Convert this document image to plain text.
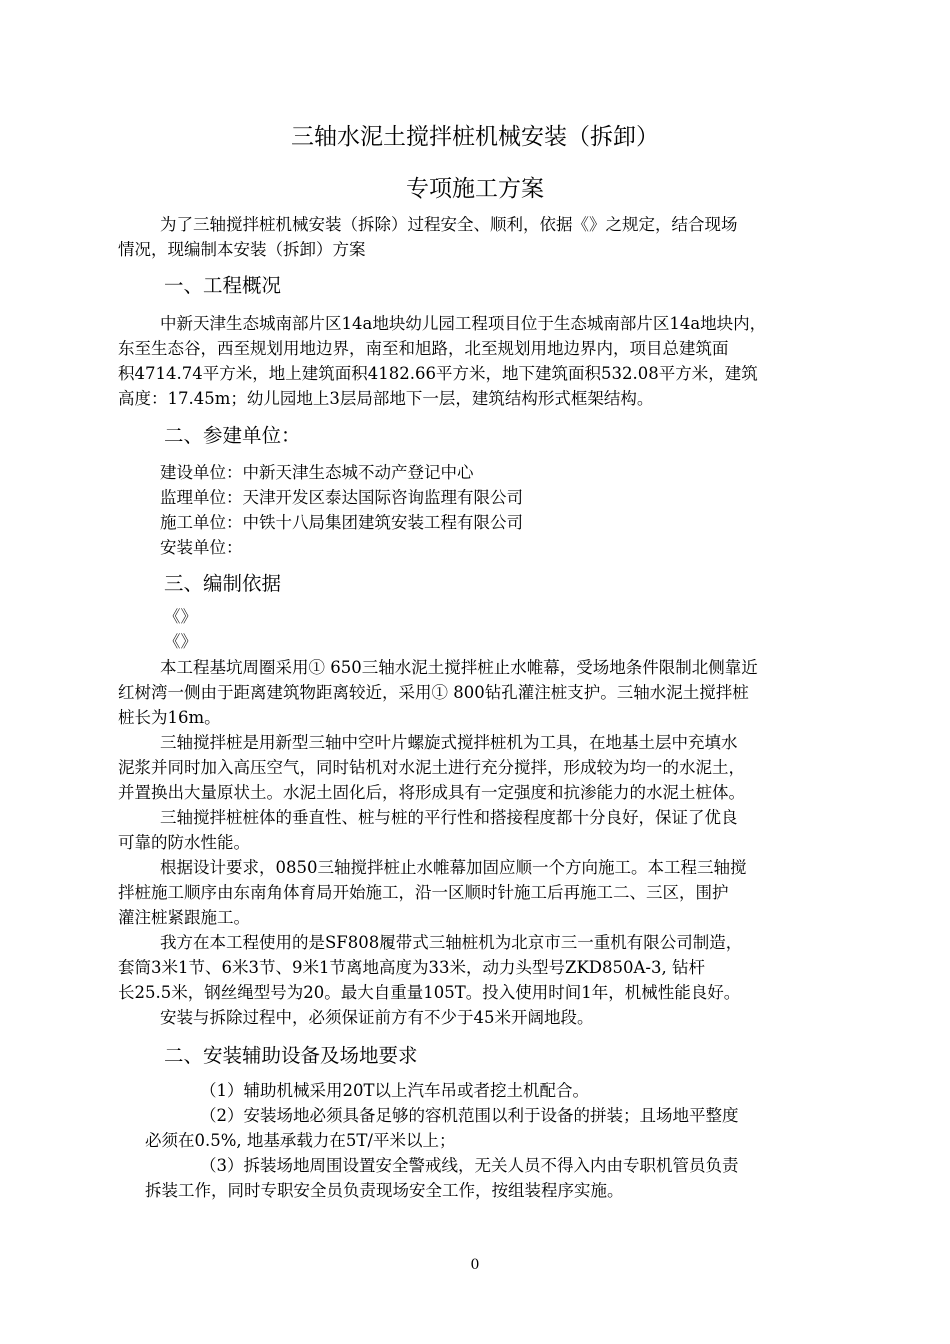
三轴水泥土搅拌桩机械安装（拆卸）
专项施工方案
为了三轴搅拌桩机械安装（拆除）过程安全、顺利，依据《》之规定，结合现场
情况，现编制本安装（拆卸）方案
一、工程概况
中新天津生态城南部片区14a地块幼儿园工程项目位于生态城南部片区14a地块内，
东至生态谷，西至规划用地边界，南至和旭路，北至规划用地边界内，项目总建筑面
积4714.74平方米，地上建筑面积4182.66平方米，地下建筑面积532.08平方米，建筑
高度：17.45m；幼儿园地上3层局部地下一层，建筑结构形式框架结构。
二、参建单位：
建设单位：中新天津生态城不动产登记中心
监理单位：天津开发区泰达国际咨询监理有限公司
施工单位：中铁十八局集团建筑安装工程有限公司
安装单位：
三、编制依据
《》
《》
本工程基坑周圈采用① 650三轴水泥土搅拌桩止水帷幕，受场地条件限制北侧靠近
红树湾一侧由于距离建筑物距离较近，采用① 800钻孔灌注桩支护。三轴水泥土搅拌桩
桩长为16m。
三轴搅拌桩是用新型三轴中空叶片螺旋式搅拌桩机为工具，在地基土层中充填水
泥浆并同时加入高压空气，同时钻机对水泥土进行充分搅拌，形成较为均一的水泥土，
并置换出大量原状土。水泥土固化后，将形成具有一定强度和抗渗能力的水泥土桩体。
三轴搅拌桩桩体的垂直性、桩与桩的平行性和搭接程度都十分良好，保证了优良
可靠的防水性能。
根据设计要求，0850三轴搅拌桩止水帷幕加固应顺一个方向施工。本工程三轴搅
拌桩施工顺序由东南角体育局开始施工，沿一区顺时针施工后再施工二、三区，围护
灌注桩紧跟施工。
我方在本工程使用的是SF808履带式三轴桩机为北京市三一重机有限公司制造，
套筒3米1节、6米3节、9米1节离地高度为33米，动力头型号ZKD850A-3, 钻杆
长25.5米，钢丝绳型号为20。最大自重量105T。投入使用时间1年，机械性能良好。
安装与拆除过程中，必须保证前方有不少于45米开阔地段。
二、安装辅助设备及场地要求
（1）辅助机械采用20T以上汽车吊或者挖土机配合。
（2）安装场地必须具备足够的容机范围以利于设备的拼装；且场地平整度
必须在0.5%, 地基承载力在5T/平米以上；
（3）拆装场地周围设置安全警戒线，无关人员不得入内由专职机管员负责
拆装工作，同时专职安全员负责现场安全工作，按组装程序实施。
0
